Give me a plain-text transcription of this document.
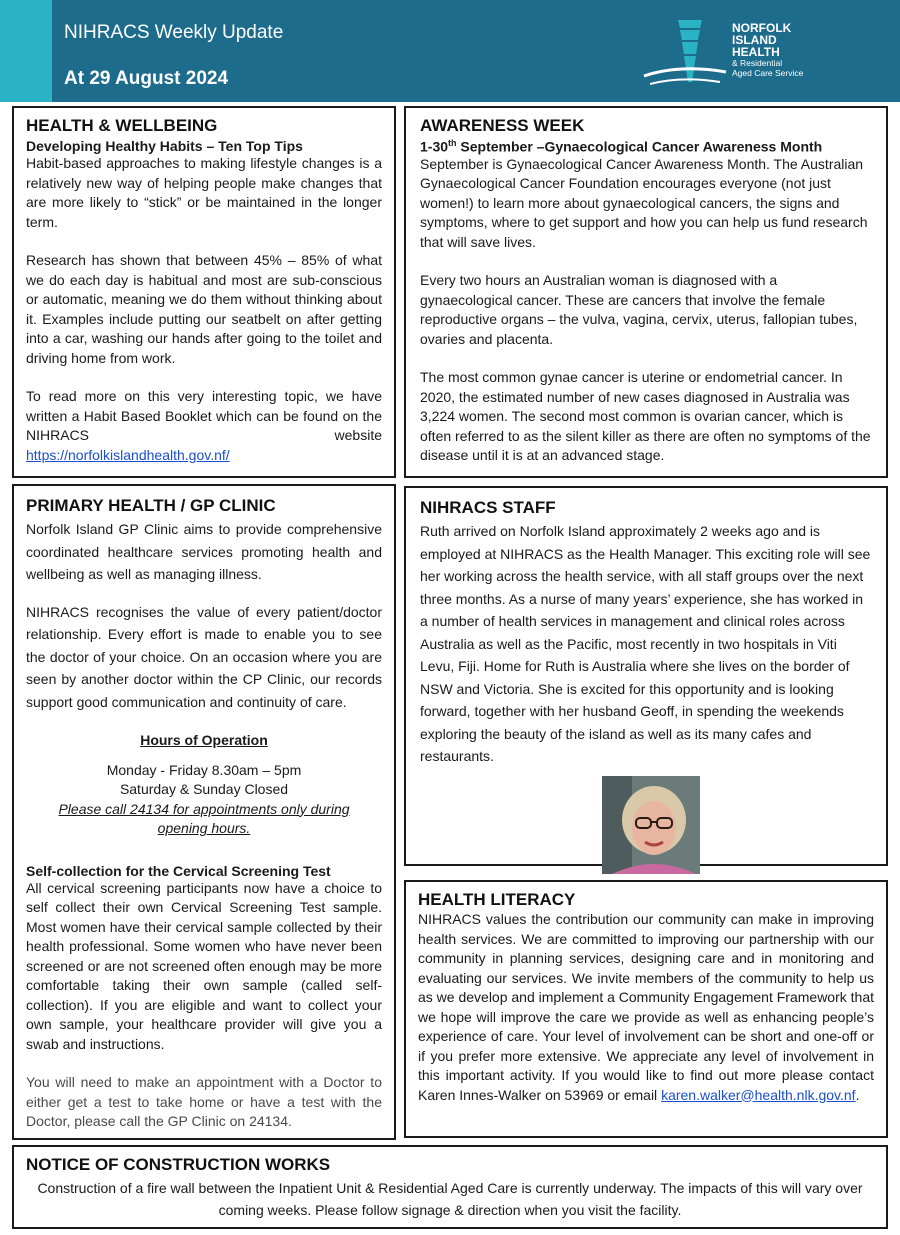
NIHRACS Weekly Update
At 29 August 2024
NORFOLK
ISLAND
HEALTH
& Residential
Aged Care Service
HEALTH & WELLBEING
Developing Healthy Habits – Ten Top Tips

Habit-based approaches to making lifestyle changes is a relatively new way of helping people make changes that are more likely to “stick” or be maintained in the longer term.

Research has shown that between 45% – 85% of what we do each day is habitual and most are sub-conscious or automatic, meaning we do them without thinking about it. Examples include putting our seatbelt on after getting into a car, washing our hands after going to the toilet and driving home from work.

To read more on this very interesting topic, we have written a Habit Based Booklet which can be found on the NIHRACS website

https://norfolkislandhealth.gov.nf/

AWARENESS WEEK
1-30th September –Gynaecological Cancer Awareness Month

September is Gynaecological Cancer Awareness Month. The Australian Gynaecological Cancer Foundation encourages everyone (not just women!) to learn more about gynaecological cancers, the signs and symptoms, where to get support and how you can help us fund research that will save lives.

Every two hours an Australian woman is diagnosed with a gynaecological cancer. These are cancers that involve the female reproductive organs – the vulva, vagina, cervix, uterus, fallopian tubes, ovaries and placenta.

The most common gynae cancer is uterine or endometrial cancer. In 2020, the estimated number of new cases diagnosed in Australia was 3,224 women. The second most common is ovarian cancer, which is often referred to as the silent killer as there are often no symptoms of the disease until it is at an advanced stage.

PRIMARY HEALTH / GP CLINIC

Norfolk Island GP Clinic aims to provide comprehensive coordinated healthcare services promoting health and wellbeing as well as managing illness.

NIHRACS recognises the value of every patient/doctor relationship. Every effort is made to enable you to see the doctor of your choice. On an occasion where you are seen by another doctor within the CP Clinic, our records support good communication and continuity of care.

Hours of Operation

Monday - Friday 8.30am – 5pm

Saturday & Sunday Closed

Please call 24134 for appointments only during opening hours.

Self-collection for the Cervical Screening Test

All cervical screening participants now have a choice to self collect their own Cervical Screening Test sample. Most women have their cervical sample collected by their health professional. Some women who have never been screened or are not screened often enough may be more comfortable taking their own sample (called self-collection). If you are eligible and want to collect your own sample, your healthcare provider will give you a swab and instructions.

You will need to make an appointment with a Doctor to either get a test to take home or have a test with the Doctor, please call the GP Clinic on 24134.

NIHRACS STAFF

Ruth arrived on Norfolk Island approximately 2 weeks ago and is employed at NIHRACS as the Health Manager. This exciting role will see her working across the health service, with all staff groups over the next three months. As a nurse of many years’ experience, she has worked in a number of health services in management and clinical roles across Australia as well as the Pacific, most recently in two hospitals in Viti Levu, Fiji. Home for Ruth is Australia where she lives on the border of NSW and Victoria. She is excited for this opportunity and is looking forward, together with her husband Geoff, in spending the weekends exploring the beauty of the island as well as its many cafes and restaurants.

HEALTH LITERACY

NIHRACS values the contribution our community can make in improving health services. We are committed to improving our partnership with our community in planning services, designing care and in monitoring and evaluating our services. We invite members of the community to help us as we develop and implement a Community Engagement Framework that we hope will improve the care we provide as well as enhancing people’s experience of care. Your level of involvement can be short and one-off or if you prefer more extensive. We appreciate any level of involvement in this important activity. If you would like to find out more please contact Karen Innes-Walker on 53969 or email karen.walker@health.nlk.gov.nf.

NOTICE OF CONSTRUCTION WORKS

Construction of a fire wall between the Inpatient Unit & Residential Aged Care is currently underway. The impacts of this will vary over coming weeks. Please follow signage & direction when you visit the facility.
